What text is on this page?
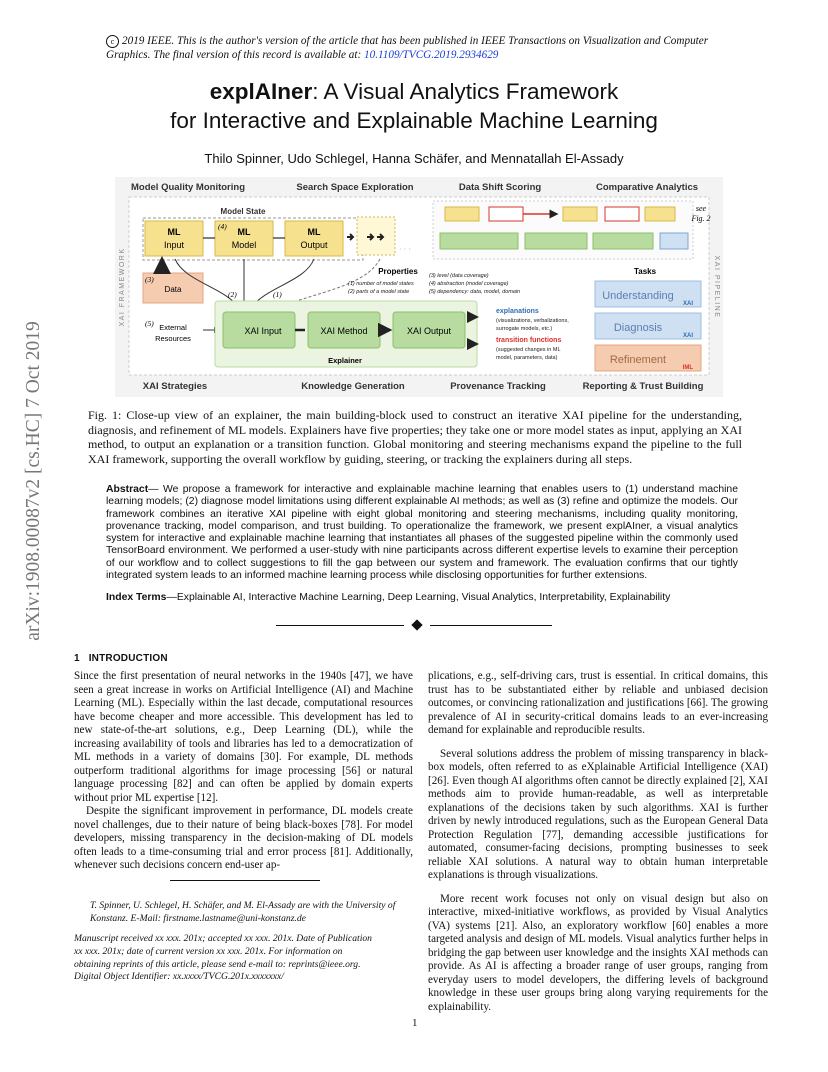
c 2019 IEEE. This is the author's version of the article that has been published in IEEE Transactions on Visualization and Computer Graphics. The final version of this record is available at: 10.1109/TVCG.2019.2934629
explAIner: A Visual Analytics Framework
for Interactive and Explainable Machine Learning
Thilo Spinner, Udo Schlegel, Hanna Schäfer, and Mennatallah El-Assady
arXiv:1908.00087v2 [cs.HC] 7 Oct 2019
Model Quality Monitoring	Search Space Exploration	Data Shift Scoring	Comparative Analytics
XAI Strategies	Knowledge Generation	Provenance Tracking	Reporting & Trust Building
XAI FRAMEWORK	XAI PIPELINE
Model State
ML
Input
ML
Model
ML
Output
(4)
· · ·
Data
(3)
External
Resources
(5)
(2)	(1)
Explainer
XAI Input	XAI Method	XAI Output
Properties
(1) number of model states
(2) parts of a model state
(3) level (data coverage)
(4) abstraction (model coverage)
(5) dependency: data, model, domain
explanations
(visualizations, verbalizations,
surrogate models, etc.)
transition functions
(suggested changes in ML
model, parameters, data)
see
Fig. 2
Tasks
Understanding
XAI
Diagnosis
XAI
Refinement
IML
Fig. 1: Close-up view of an explainer, the main building-block used to construct an iterative XAI pipeline for the understanding, diagnosis, and refinement of ML models. Explainers have five properties; they take one or more model states as input, applying an XAI method, to output an explanation or a transition function. Global monitoring and steering mechanisms expand the pipeline to the full XAI framework, supporting the overall workflow by guiding, steering, or tracking the explainers during all steps.
Abstract— We propose a framework for interactive and explainable machine learning that enables users to (1) understand machine learning models; (2) diagnose model limitations using different explainable AI methods; as well as (3) refine and optimize the models. Our framework combines an iterative XAI pipeline with eight global monitoring and steering mechanisms, including quality monitoring, provenance tracking, model comparison, and trust building. To operationalize the framework, we present explAIner, a visual analytics system for interactive and explainable machine learning that instantiates all phases of the suggested pipeline within the commonly used TensorBoard environment. We performed a user-study with nine participants across different expertise levels to examine their perception of our workflow and to collect suggestions to fill the gap between our system and framework. The evaluation confirms that our tightly integrated system leads to an informed machine learning process while disclosing opportunities for further extensions.
Index Terms—Explainable AI, Interactive Machine Learning, Deep Learning, Visual Analytics, Interpretability, Explainability
1 INTRODUCTION

Since the first presentation of neural networks in the 1940s [47], we have seen a great increase in works on Artificial Intelligence (AI) and Machine Learning (ML). Especially within the last decade, computational resources have become cheaper and more accessible. This development has led to new state-of-the-art solutions, e.g., Deep Learning (DL), while the increasing availability of tools and libraries has led to a democratization of ML methods in a variety of domains [30]. For example, DL methods outperform traditional algorithms for image processing [56] or natural language processing [82] and can often be applied by domain experts without prior ML expertise [12].

Despite the significant improvement in performance, DL models create novel challenges, due to their nature of being black-boxes [78]. For model developers, missing transparency in the decision-making of DL models often leads to a time-consuming trial and error process [81]. Additionally, whenever such decisions concern end-user ap-

T. Spinner, U. Schlegel, H. Schäfer, and M. El-Assady are with the University of Konstanz. E-Mail: firstname.lastname@uni-konstanz.de
Manuscript received xx xxx. 201x; accepted xx xxx. 201x. Date of Publication xx xxx. 201x; date of current version xx xxx. 201x. For information on obtaining reprints of this article, please send e-mail to: reprints@ieee.org. Digital Object Identifier: xx.xxxx/TVCG.201x.xxxxxxx/

plications, e.g., self-driving cars, trust is essential. In critical domains, this trust has to be substantiated either by reliable and unbiased decision outcomes, or convincing rationalization and justifications [66]. The growing prevalence of AI in security-critical domains leads to an ever-increasing demand for explainable and reproducible results.

Several solutions address the problem of missing transparency in black-box models, often referred to as eXplainable Artificial Intelligence (XAI) [26]. Even though AI algorithms often cannot be directly explained [2], XAI methods aim to provide human-readable, as well as interpretable explanations of the decisions taken by such algorithms. XAI is further driven by newly introduced regulations, such as the European General Data Protection Regulation [77], demanding accessible justifications for automated, consumer-facing decisions, prompting businesses to seek reliable XAI solutions. A natural way to obtain human interpretable explanations is through visualizations.

More recent work focuses not only on visual design but also on interactive, mixed-initiative workflows, as provided by Visual Analytics (VA) systems [21]. Also, an exploratory workflow [60] enables a more targeted analysis and design of ML models. Visual analytics further helps in bridging the gap between user knowledge and the insights XAI methods can provide. As AI is affecting a broader range of user groups, ranging from everyday users to model developers, the differing levels of background knowledge in these user groups bring along varying requirements for the explainability.

1
